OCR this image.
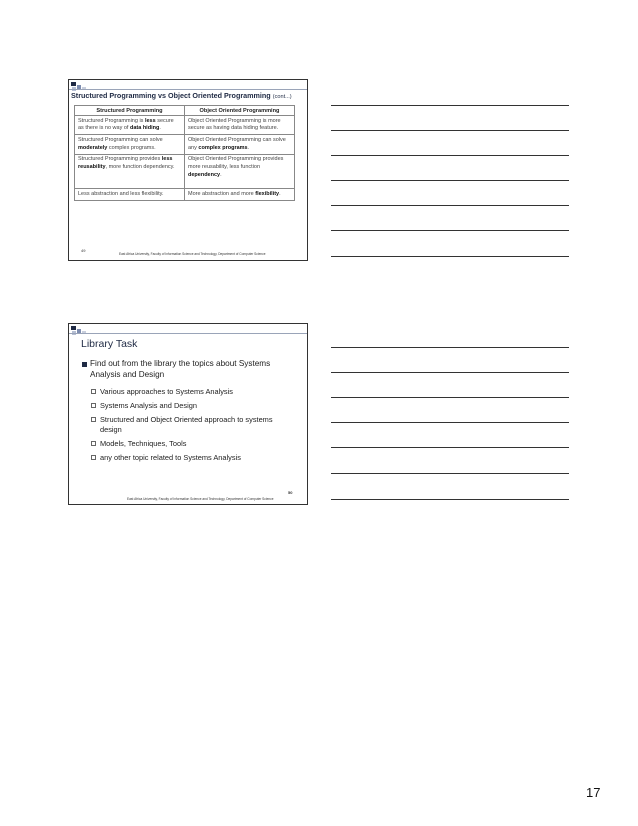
Structured Programming vs Object Oriented Programming (cont...)
Structured Programming	Object Oriented Programming
Structured Programming is less secure as there is no way of data hiding.	Object Oriented Programming is more secure as having data hiding feature.
Structured Programming can solve moderately complex programs.	Object Oriented Programming can solve any complex programs.
Structured Programming provides less reusability, more function dependency.	Object Oriented Programming provides more reusability, less function dependency.
Less abstraction and less flexibility.	More abstraction and more flexibility.
49
East Africa University, Faculty of Information Science and Technology, Department of Computer Science
Library Task
Find out from the library the topics about Systems Analysis and Design
Various approaches to Systems Analysis
Systems Analysis and Design
Structured and Object Oriented approach to systems design
Models, Techniques, Tools
any other topic related to Systems Analysis
50
East Africa University, Faculty of Information Science and Technology, Department of Computer Science
17
